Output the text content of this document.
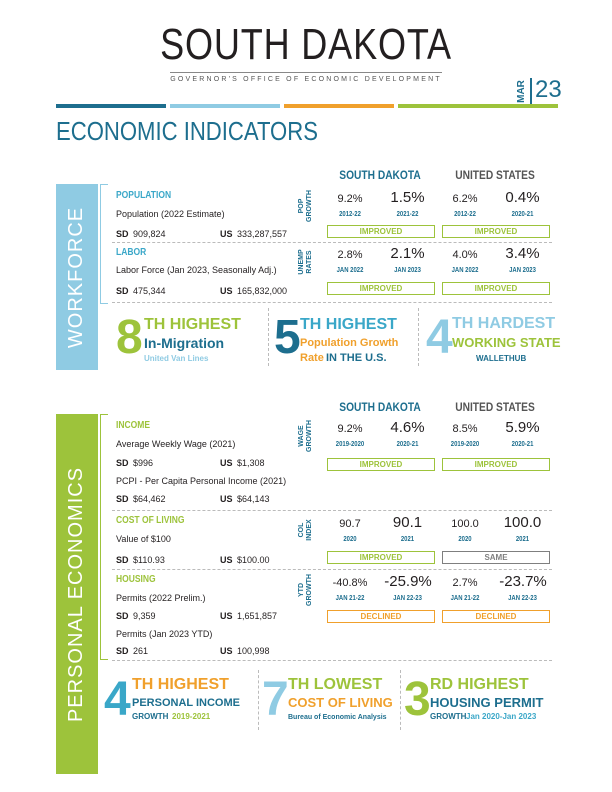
SOUTH DAKOTA
GOVERNOR'S OFFICE OF ECONOMIC DEVELOPMENT
MAR 23
ECONOMIC INDICATORS
SOUTH DAKOTA	UNITED STATES
WORKFORCE
POPULATION
Population (2022 Estimate)
SD 909,824	US 333,287,557
POP GROWTH	9.2%	1.5%	6.2%	0.4%
2012-22	2021-22	2012-22	2020-21
IMPROVED	IMPROVED
LABOR
Labor Force (Jan 2023, Seasonally Adj.)
SD 475,344	US 165,832,000
UNEMP RATES	2.8%	2.1%	4.0%	3.4%
JAN 2022	JAN 2023	JAN 2022	JAN 2023
IMPROVED	IMPROVED
8 TH HIGHEST
In-Migration
United Van Lines 5 TH HIGHEST
Population Growth
Rate IN THE U.S. 4 TH HARDEST
WORKING STATE
WALLETHUB
SOUTH DAKOTA	UNITED STATES
PERSONAL ECONOMICS
INCOME
Average Weekly Wage (2021)
SD $996	US $1,308
PCPI - Per Capita Personal Income (2021)
SD $64,462	US $64,143
WAGE GROWTH	9.2%	4.6%	8.5%	5.9%
2019-2020	2020-21	2019-2020	2020-21
IMPROVED	IMPROVED
COST OF LIVING
Value of $100
SD $110.93	US $100.00
COL INDEX	90.7	90.1	100.0	100.0
2020	2021	2020	2021
IMPROVED	SAME
HOUSING
Permits (2022 Prelim.)
SD 9,359	US 1,651,857
Permits (Jan 2023 YTD)
SD 261	US 100,998
YTD GROWTH	-40.8%	-25.9%	2.7%	-23.7%
JAN 21-22	JAN 22-23	JAN 21-22	JAN 22-23
DECLINED	DECLINED
4 TH HIGHEST
PERSONAL INCOME
GROWTH 2019-2021 7 TH LOWEST
COST OF LIVING
Bureau of Economic Analysis 3 RD HIGHEST
HOUSING PERMIT
GROWTH Jan 2020-Jan 2023
